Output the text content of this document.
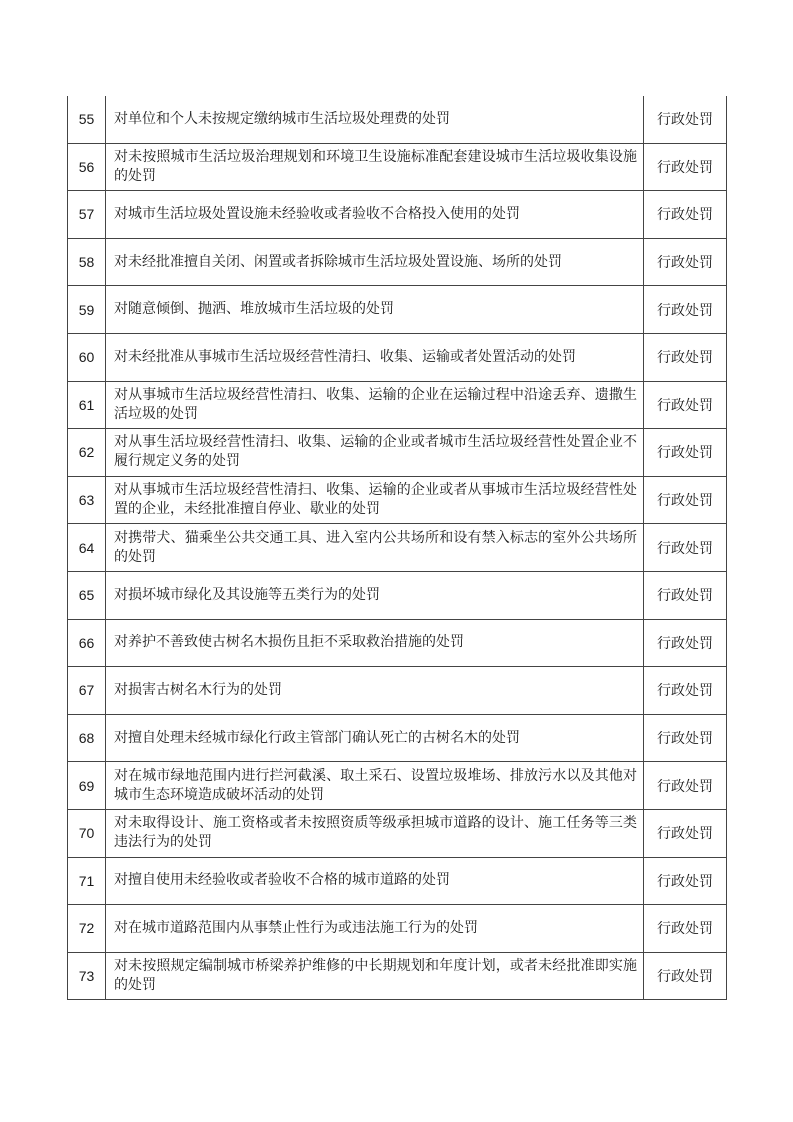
55	对单位和个人未按规定缴纳城市生活垃圾处理费的处罚	行政处罚
56	对未按照城市生活垃圾治理规划和环境卫生设施标准配套建设城市生活垃圾收集设施的处罚	行政处罚
57	对城市生活垃圾处置设施未经验收或者验收不合格投入使用的处罚	行政处罚
58	对未经批准擅自关闭、闲置或者拆除城市生活垃圾处置设施、场所的处罚	行政处罚
59	对随意倾倒、抛洒、堆放城市生活垃圾的处罚	行政处罚
60	对未经批准从事城市生活垃圾经营性清扫、收集、运输或者处置活动的处罚	行政处罚
61	对从事城市生活垃圾经营性清扫、收集、运输的企业在运输过程中沿途丢弃、遗撒生活垃圾的处罚	行政处罚
62	对从事生活垃圾经营性清扫、收集、运输的企业或者城市生活垃圾经营性处置企业不履行规定义务的处罚	行政处罚
63	对从事城市生活垃圾经营性清扫、收集、运输的企业或者从事城市生活垃圾经营性处置的企业，未经批准擅自停业、歇业的处罚	行政处罚
64	对携带犬、猫乘坐公共交通工具、进入室内公共场所和设有禁入标志的室外公共场所的处罚	行政处罚
65	对损坏城市绿化及其设施等五类行为的处罚	行政处罚
66	对养护不善致使古树名木损伤且拒不采取救治措施的处罚	行政处罚
67	对损害古树名木行为的处罚	行政处罚
68	对擅自处理未经城市绿化行政主管部门确认死亡的古树名木的处罚	行政处罚
69	对在城市绿地范围内进行拦河截溪、取土采石、设置垃圾堆场、排放污水以及其他对城市生态环境造成破坏活动的处罚	行政处罚
70	对未取得设计、施工资格或者未按照资质等级承担城市道路的设计、施工任务等三类违法行为的处罚	行政处罚
71	对擅自使用未经验收或者验收不合格的城市道路的处罚	行政处罚
72	对在城市道路范围内从事禁止性行为或违法施工行为的处罚	行政处罚
73	对未按照规定编制城市桥梁养护维修的中长期规划和年度计划，或者未经批准即实施的处罚	行政处罚
